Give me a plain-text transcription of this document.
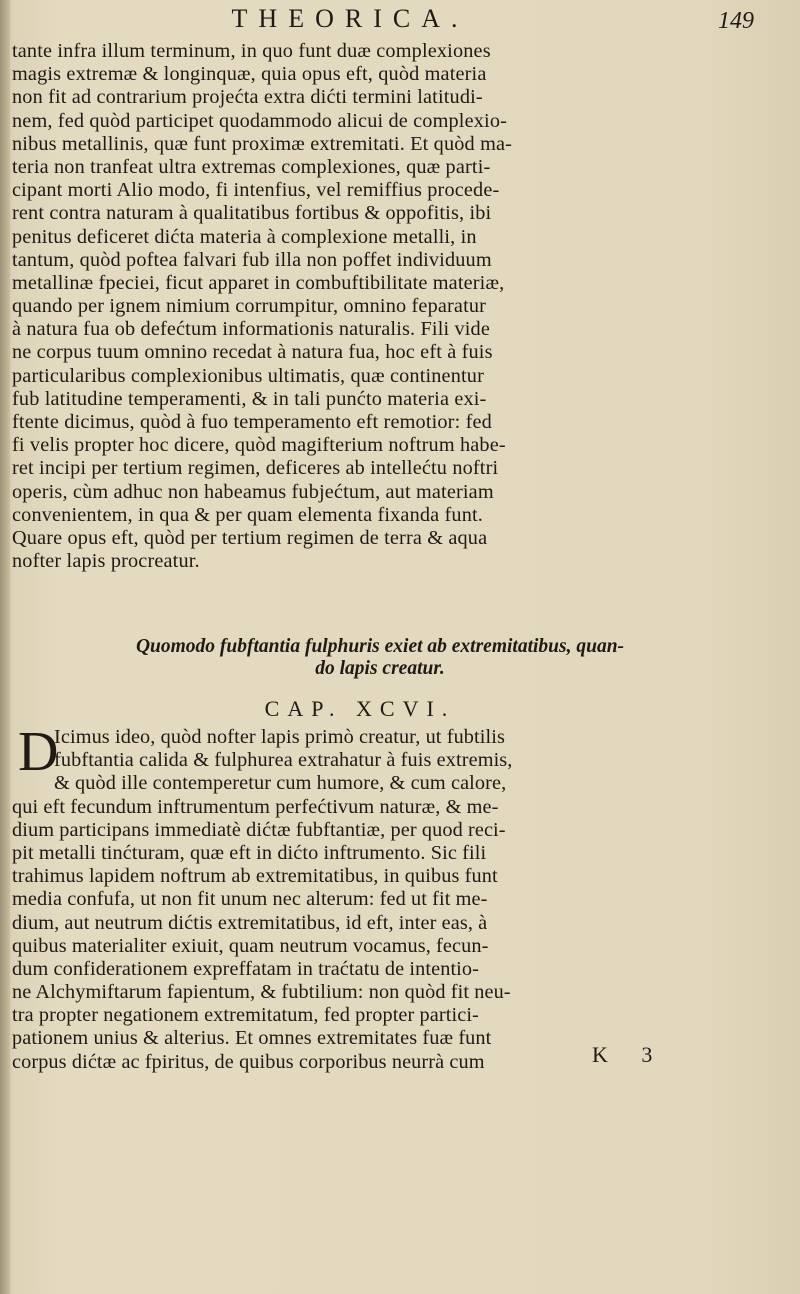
THEORICA.	149
tante infra illum terminum, in quo funt duæ complexiones
magis extremæ & longinquæ, quia opus eft, quòd materia
non fit ad contrarium projećta extra dićti termini latitudi-
nem, fed quòd participet quodammodo alicui de complexio-
nibus metallinis, quæ funt proximæ extremitati. Et quòd ma-
teria non tranfeat ultra extremas complexiones, quæ parti-
cipant morti Alio modo, fi intenfius, vel remiffius procede-
rent contra naturam à qualitatibus fortibus & oppofitis, ibi
penitus deficeret dićta materia à complexione metalli, in
tantum, quòd poftea falvari fub illa non poffet individuum
metallinæ fpeciei, ficut apparet in combuftibilitate materiæ,
quando per ignem nimium corrumpitur, omnino feparatur
à natura fua ob defećtum informationis naturalis. Fili vide
ne corpus tuum omnino recedat à natura fua, hoc eft à fuis
particularibus complexionibus ultimatis, quæ continentur
fub latitudine temperamenti, & in tali punćto materia exi-
ftente dicimus, quòd à fuo temperamento eft remotior: fed
fi velis propter hoc dicere, quòd magifterium noftrum habe-
ret incipi per tertium regimen, deficeres ab intellećtu noftri
operis, cùm adhuc non habeamus fubjećtum, aut materiam
convenientem, in qua & per quam elementa fixanda funt.
Quare opus eft, quòd per tertium regimen de terra & aqua
nofter lapis procreatur.
Quomodo fubftantia fulphuris exiet ab extremitatibus, quan-
do lapis creatur.
CAP. XCVI.
D
Icimus ideo, quòd nofter lapis primò creatur, ut fubtilis
fubftantia calida & fulphurea extrahatur à fuis extremis,
& quòd ille contemperetur cum humore, & cum calore,
qui eft fecundum inftrumentum perfećtivum naturæ, & me-
dium participans immediatè dićtæ fubftantiæ, per quod reci-
pit metalli tinćturam, quæ eft in dićto inftrumento. Sic fili
trahimus lapidem noftrum ab extremitatibus, in quibus funt
media confufa, ut non fit unum nec alterum: fed ut fit me-
dium, aut neutrum dićtis extremitatibus, id eft, inter eas, à
quibus materialiter exiuit, quam neutrum vocamus, fecun-
dum confiderationem expreffatam in traćtatu de intentio-
ne Alchymiftarum fapientum, & fubtilium: non quòd fit neu-
tra propter negationem extremitatum, fed propter partici-
pationem unius & alterius. Et omnes extremitates fuæ funt
corpus dićtæ ac fpiritus, de quibus corporibus neurrà cum	K 3
